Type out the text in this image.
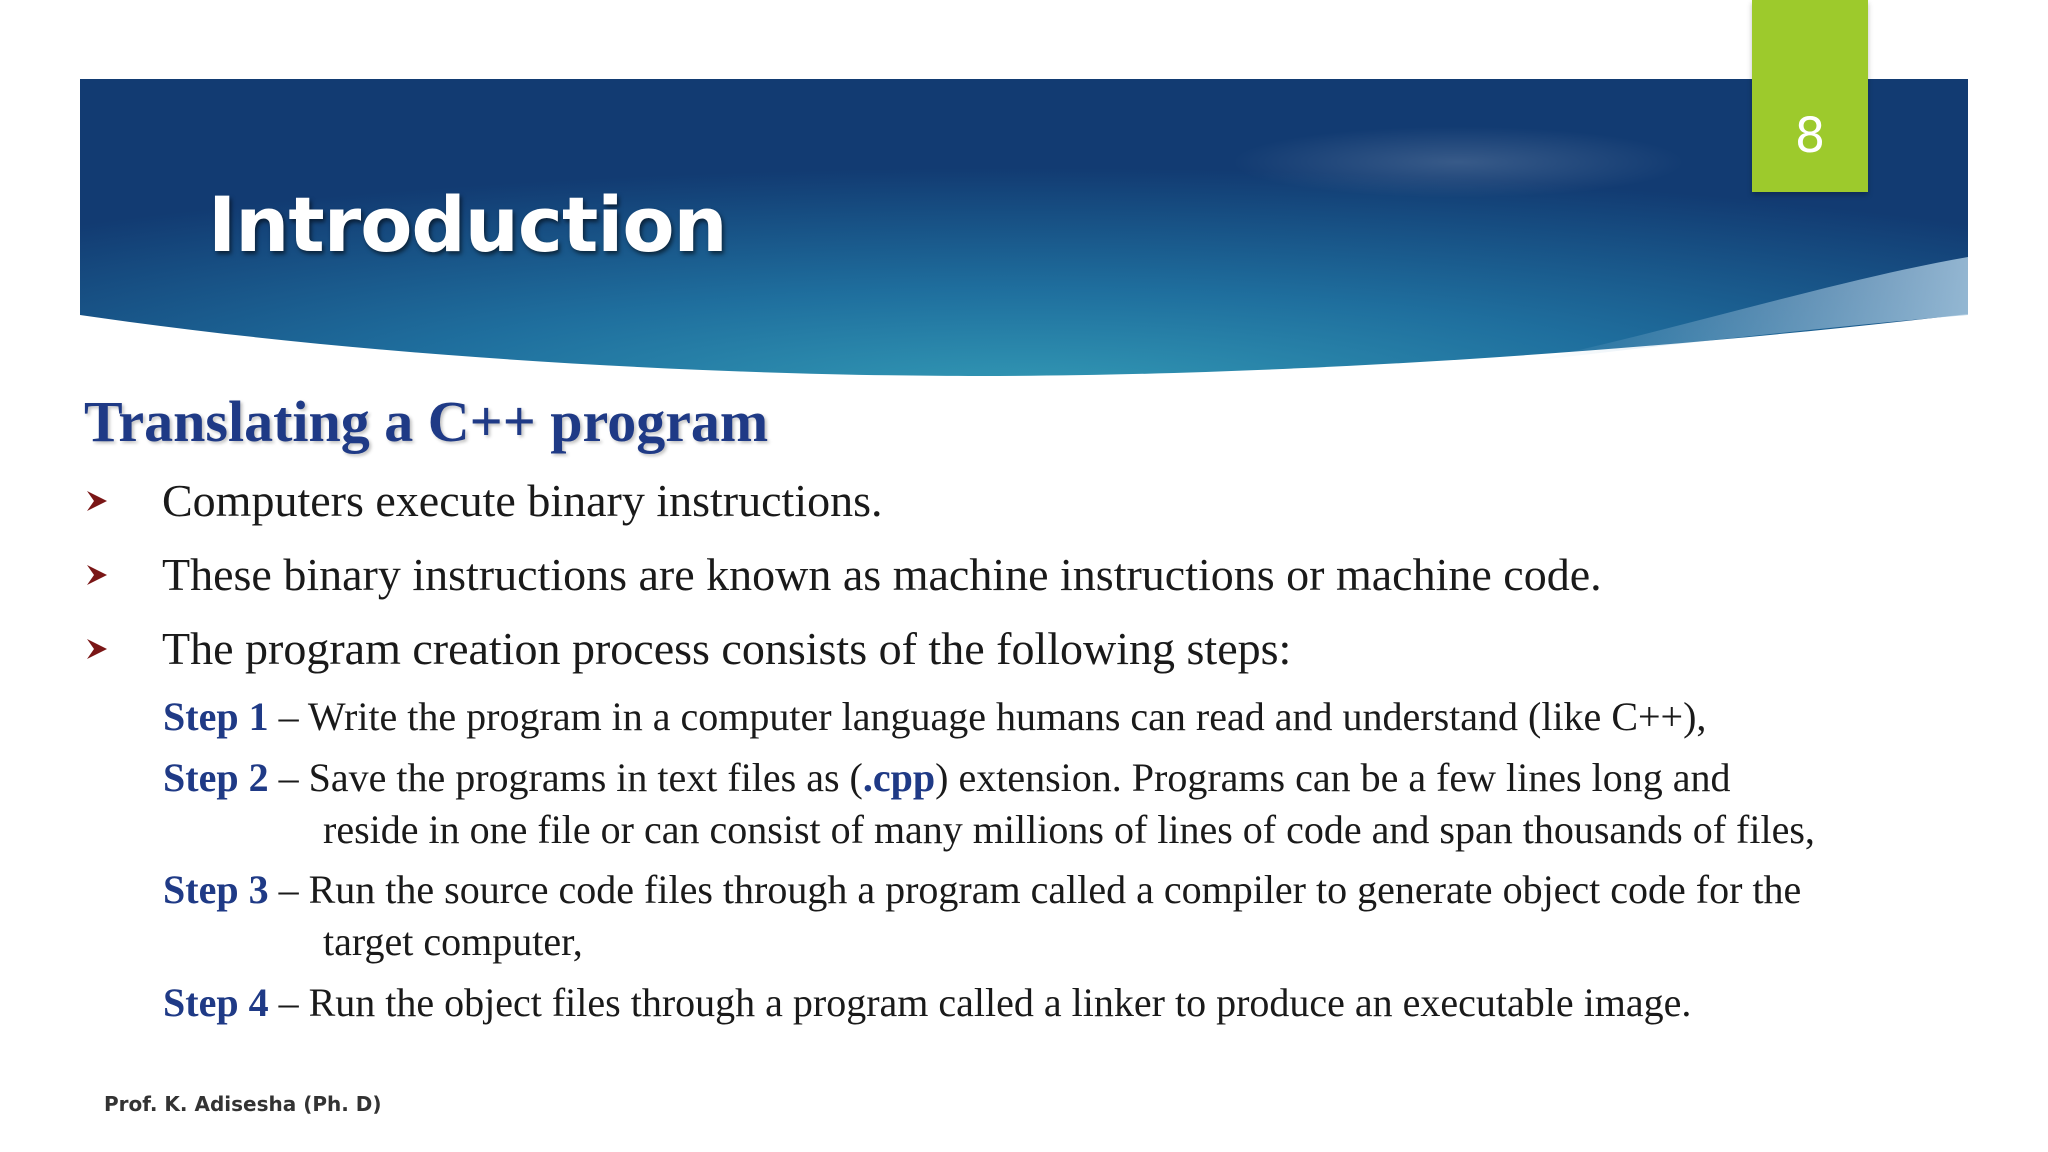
Introduction
8
Translating a C++ program
Computers execute binary instructions.
These binary instructions are known as machine instructions or machine code.
The program creation process consists of the following steps:
Step 1 – Write the program in a computer language humans can read and understand (like C++),
Step 2 – Save the programs in text files as (.cpp) extension. Programs can be a few lines long and
reside in one file or can consist of many millions of lines of code and span thousands of files,
Step 3 – Run the source code files through a program called a compiler to generate object code for the
target computer,
Step 4 – Run the object files through a program called a linker to produce an executable image.
Prof. K. Adisesha (Ph. D)
